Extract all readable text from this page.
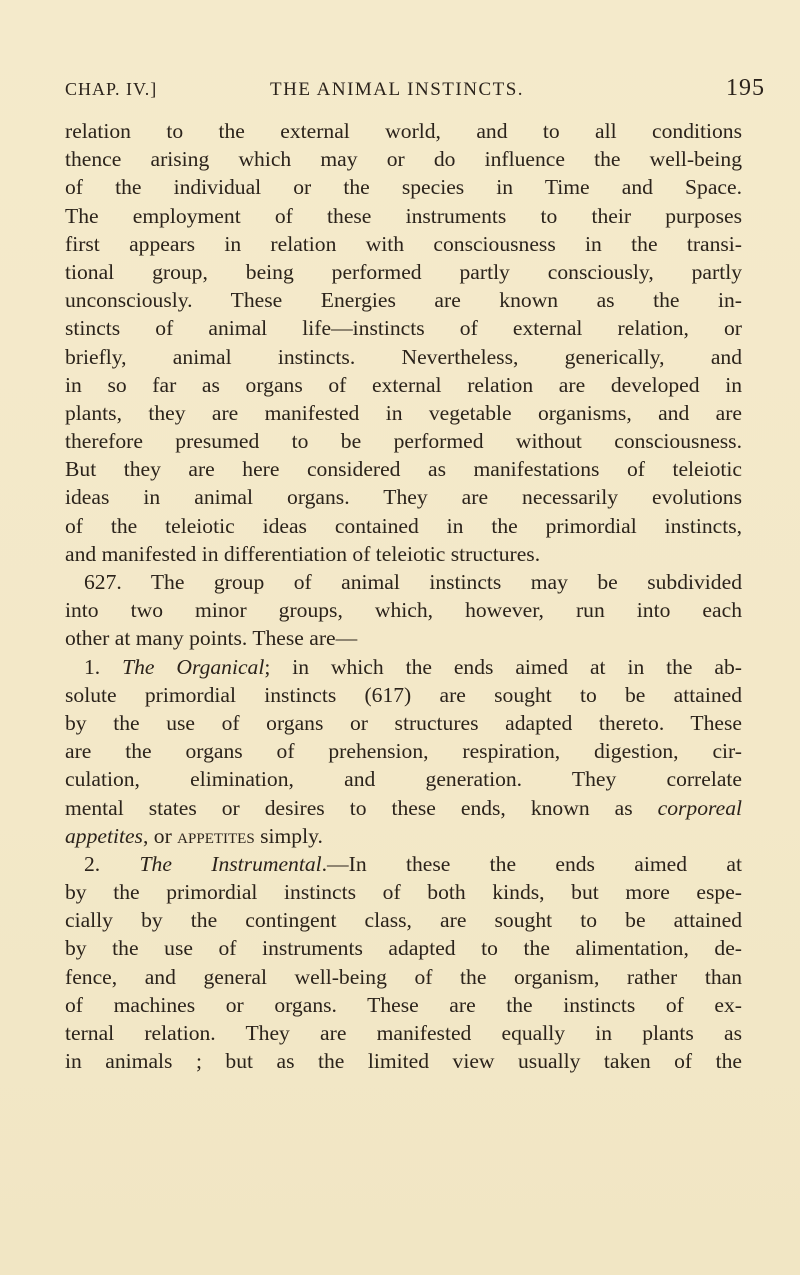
CHAP. IV.]	THE ANIMAL INSTINCTS.	195
relation to the external world, and to all conditions
thence arising which may or do influence the well-being
of the individual or the species in Time and Space.
The employment of these instruments to their purposes
first appears in relation with consciousness in the transi-
tional group, being performed partly consciously, partly
unconsciously. These Energies are known as the in-
stincts of animal life—instincts of external relation, or
briefly, animal instincts. Nevertheless, generically, and
in so far as organs of external relation are developed in
plants, they are manifested in vegetable organisms, and are
therefore presumed to be performed without consciousness.
But they are here considered as manifestations of teleiotic
ideas in animal organs. They are necessarily evolutions
of the teleiotic ideas contained in the primordial instincts,
and manifested in differentiation of teleiotic structures.
627. The group of animal instincts may be subdivided
into two minor groups, which, however, run into each
other at many points. These are—
1. The Organical; in which the ends aimed at in the ab-
solute primordial instincts (617) are sought to be attained
by the use of organs or structures adapted thereto. These
are the organs of prehension, respiration, digestion, cir-
culation, elimination, and generation. They correlate
mental states or desires to these ends, known as corporeal
appetites, or appetites simply.
2. The Instrumental.—In these the ends aimed at
by the primordial instincts of both kinds, but more espe-
cially by the contingent class, are sought to be attained
by the use of instruments adapted to the alimentation, de-
fence, and general well-being of the organism, rather than
of machines or organs. These are the instincts of ex-
ternal relation. They are manifested equally in plants as
in animals ; but as the limited view usually taken of the
